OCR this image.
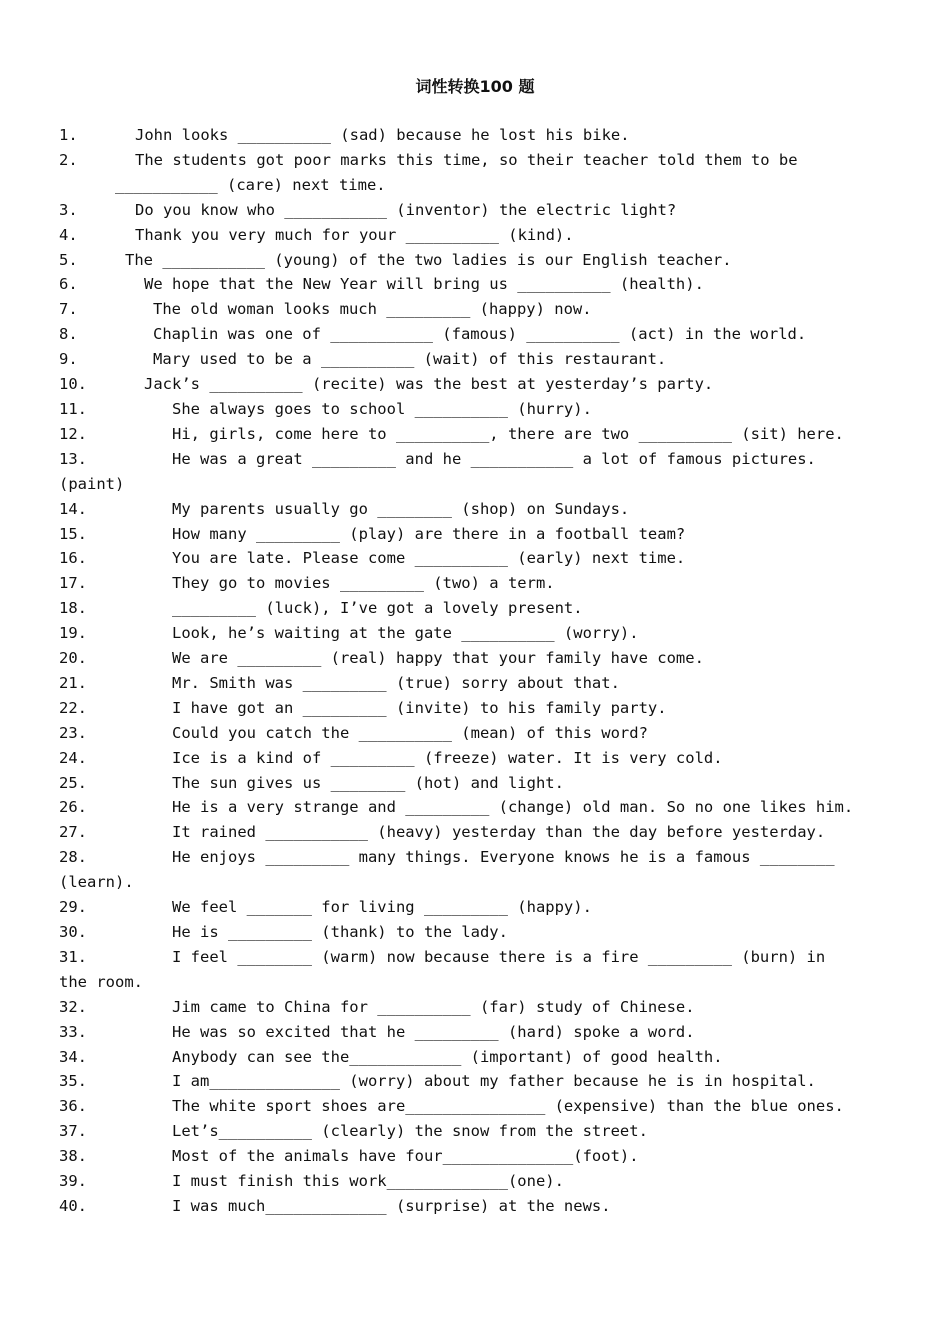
词性转换100 题
1.	John looks __________ (sad) because he lost his bike.
2.	The students got poor marks this time, so their teacher told them to be
___________ (care) next time.
3.	Do you know who ___________ (inventor) the electric light?
4.	Thank you very much for your __________ (kind).
5.	The ___________ (young) of the two ladies is our English teacher.
6.	We hope that the New Year will bring us __________ (health).
7.	The old woman looks much _________ (happy) now.
8.	Chaplin was one of ___________ (famous) __________ (act) in the world.
9.	Mary used to be a __________ (wait) of this restaurant.
10.	Jack’s __________ (recite) was the best at yesterday’s party.
11.	She always goes to school __________ (hurry).
12.	Hi, girls, come here to __________, there are two __________ (sit) here.
13.	He was a great _________ and he ___________ a lot of famous pictures.
(paint)
14.	My parents usually go ________ (shop) on Sundays.
15.	How many _________ (play) are there in a football team?
16.	You are late. Please come __________ (early) next time.
17.	They go to movies _________ (two) a term.
18.	_________ (luck), I’ve got a lovely present.
19.	Look, he’s waiting at the gate __________ (worry).
20.	We are _________ (real) happy that your family have come.
21.	Mr. Smith was _________ (true) sorry about that.
22.	I have got an _________ (invite) to his family party.
23.	Could you catch the __________ (mean) of this word?
24.	Ice is a kind of _________ (freeze) water. It is very cold.
25.	The sun gives us ________ (hot) and light.
26.	He is a very strange and _________ (change) old man. So no one likes him.
27.	It rained ___________ (heavy) yesterday than the day before yesterday.
28.	He enjoys _________ many things. Everyone knows he is a famous ________
(learn).
29.	We feel _______ for living _________ (happy).
30.	He is _________ (thank) to the lady.
31.	I feel ________ (warm) now because there is a fire _________ (burn) in
the room.
32.	Jim came to China for __________ (far) study of Chinese.
33.	He was so excited that he _________ (hard) spoke a word.
34.	Anybody can see the____________ (important) of good health.
35.	I am______________ (worry) about my father because he is in hospital.
36.	The white sport shoes are_______________ (expensive) than the blue ones.
37.	Let’s__________ (clearly) the snow from the street.
38.	Most of the animals have four______________(foot).
39.	I must finish this work_____________(one).
40.	I was much_____________ (surprise) at the news.
